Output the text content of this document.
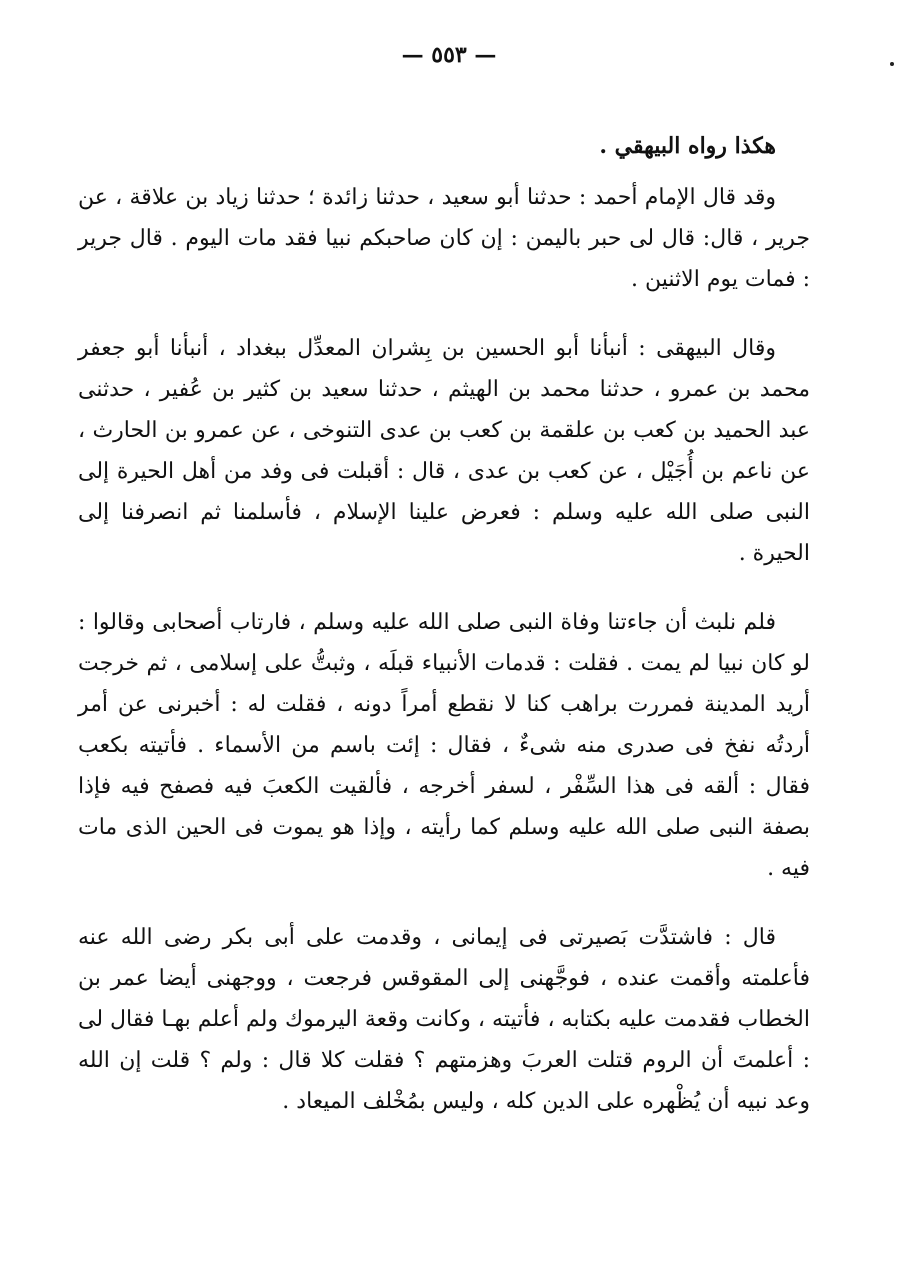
— ٥٥٣ —

هكذا رواه البيهقي .

وقد قال الإمام أحمد : حدثنا أبو سعيد ، حدثنا زائدة ؛ حدثنا زياد بن علاقة ، عن جرير ، قال: قال لى حبر باليمن : إن كان صاحبكم نبيا فقد مات اليوم . قال جرير : فمات يوم الاثنين .

وقال البيهقى : أنبأنا أبو الحسين بن بِشران المعدِّل ببغداد ، أنبأنا أبو جعفر محمد بن عمرو ، حدثنا محمد بن الهيثم ، حدثنا سعيد بن كثير بن عُفير ، حدثنى عبد الحميد بن كعب بن علقمة بن كعب بن عدى التنوخى ، عن عمرو بن الحارث ، عن ناعم بن أُجَيْل ، عن كعب بن عدى ، قال : أقبلت فى وفد من أهل الحيرة إلى النبى صلى الله عليه وسلم : فعرض علينا الإسلام ، فأسلمنا ثم انصرفنا إلى الحيرة .

فلم نلبث أن جاءتنا وفاة النبى صلى الله عليه وسلم ، فارتاب أصحابى وقالوا : لو كان نبيا لم يمت . فقلت : قدمات الأنبياء قبلَه ، وثبتُّ على إسلامى ، ثم خرجت أريد المدينة فمررت براهب كنا لا نقطع أمراً دونه ، فقلت له : أخبرنى عن أمر أردتُه نفخ فى صدرى منه شىءٌ ، فقال : إئت باسم من الأسماء . فأتيته بكعب فقال : ألقه فى هذا السِّفْر ، لسفر أخرجه ، فألقيت الكعبَ فيه فصفح فيه فإذا بصفة النبى صلى الله عليه وسلم كما رأيته ، وإذا هو يموت فى الحين الذى مات فيه .

قال : فاشتدَّت بَصيرتى فى إيمانى ، وقدمت على أبى بكر رضى الله عنه فأعلمته وأقمت عنده ، فوجَّهنى إلى المقوقس فرجعت ، ووجهنى أيضا عمر بن الخطاب فقدمت عليه بكتابه ، فأتيته ، وكانت وقعة اليرموك ولم أعلم بهـا فقال لى : أعلمتَ أن الروم قتلت العربَ وهزمتهم ؟ فقلت كلا قال : ولم ؟ قلت إن الله وعد نبيه أن يُظْهره على الدين كله ، وليس بمُخْلف الميعاد .
